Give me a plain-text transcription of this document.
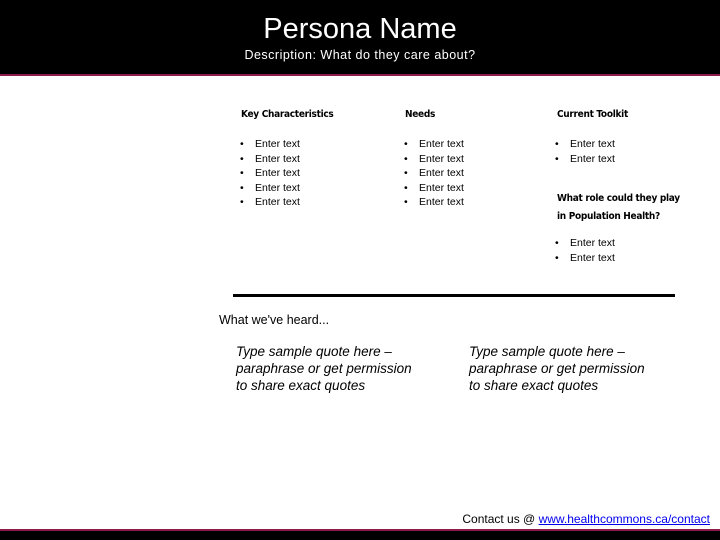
Persona Name
Description: What do they care about?
Key Characteristics
• Enter text
• Enter text
• Enter text
• Enter text
• Enter text
Needs
• Enter text
• Enter text
• Enter text
• Enter text
• Enter text
Current Toolkit
• Enter text
• Enter text
What role could they play
in Population Health?
• Enter text
• Enter text
What we've heard...
Type sample quote here –
paraphrase or get permission
to share exact quotes
Type sample quote here –
paraphrase or get permission
to share exact quotes
Contact us @ www.healthcommons.ca/contact
